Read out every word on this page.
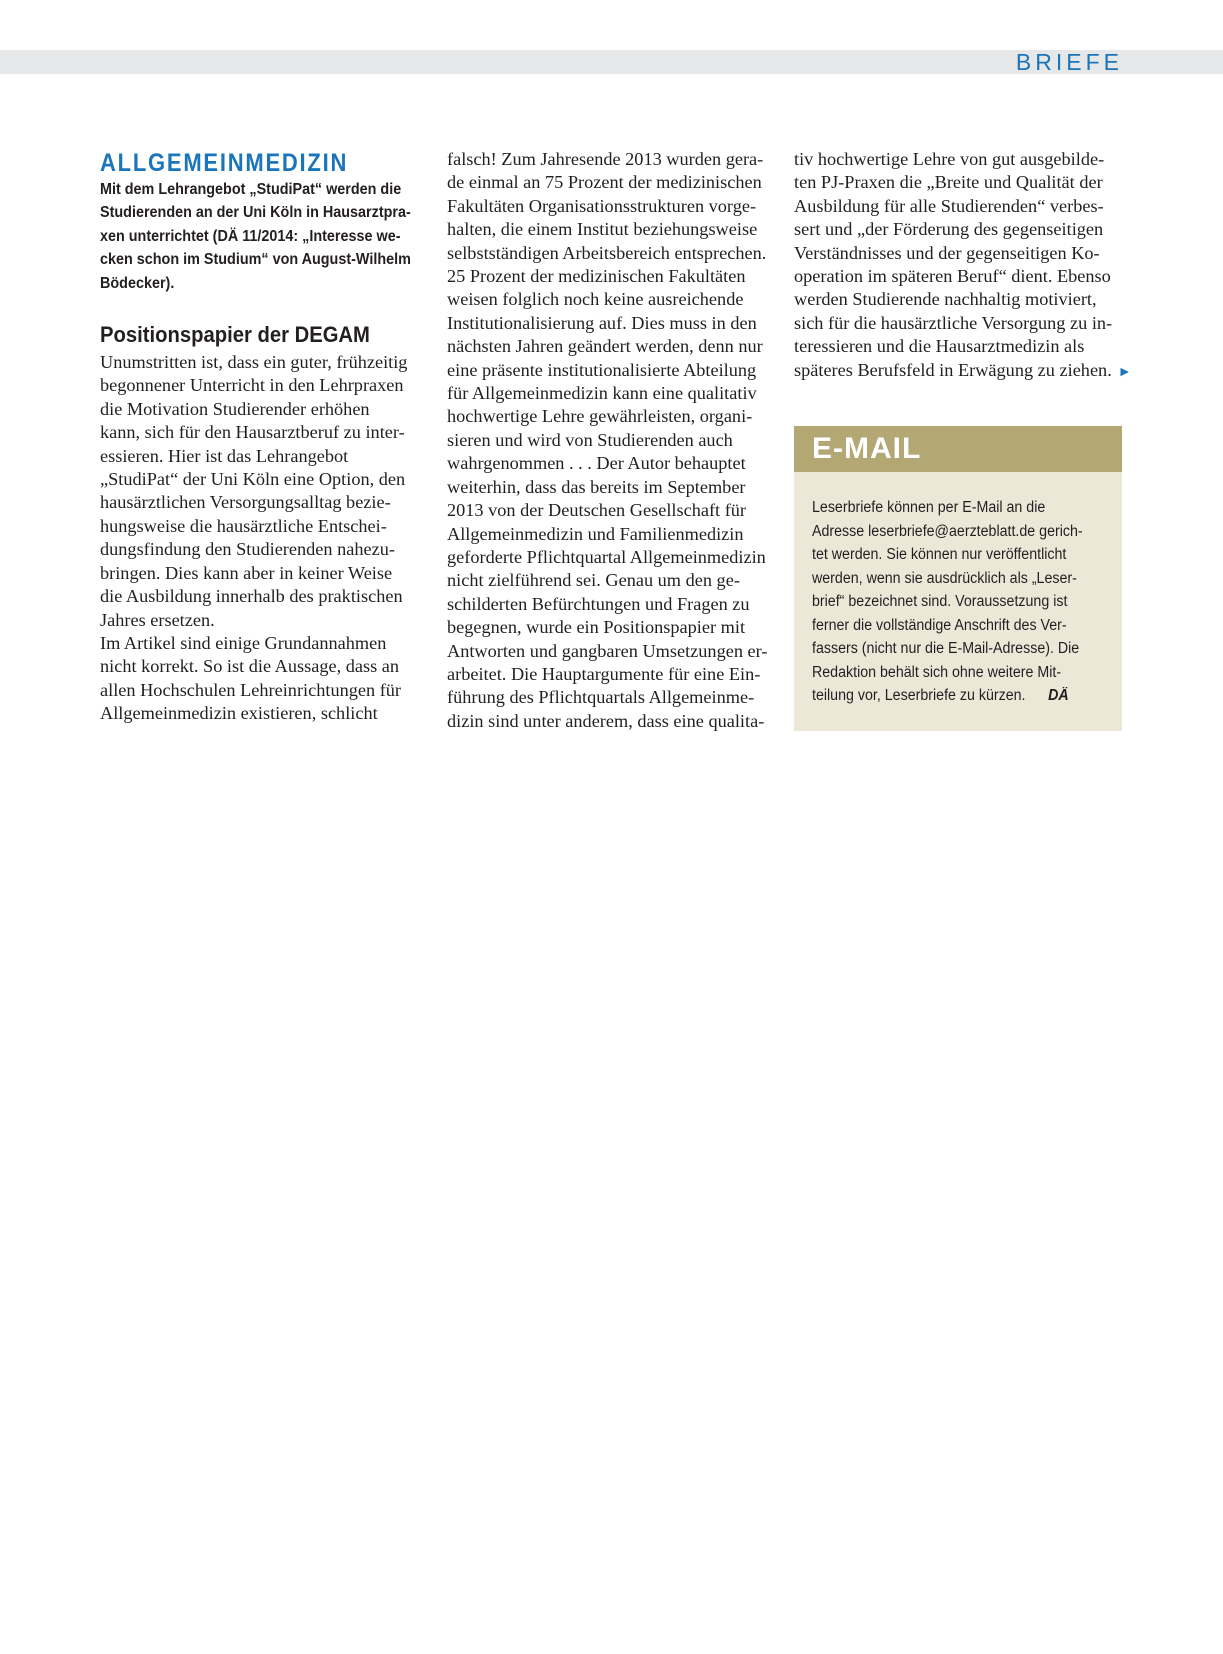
BRIEFE
ALLGEMEINMEDIZIN
Mit dem Lehrangebot „StudiPat“ werden die
Studierenden an der Uni Köln in Hausarztpra-
xen unterrichtet (DÄ 11/2014: „Interesse we-
cken schon im Studium“ von August-Wilhelm
Bödecker).
Positionspapier der DEGAM
Unumstritten ist, dass ein guter, frühzeitig
begonnener Unterricht in den Lehrpraxen
die Motivation Studierender erhöhen
kann, sich für den Hausarztberuf zu inter-
essieren. Hier ist das Lehrangebot
„StudiPat“ der Uni Köln eine Option, den
hausärztlichen Versorgungsalltag bezie-
hungsweise die hausärztliche Entschei-
dungsfindung den Studierenden nahezu-
bringen. Dies kann aber in keiner Weise
die Ausbildung innerhalb des praktischen
Jahres ersetzen.
Im Artikel sind einige Grundannahmen
nicht korrekt. So ist die Aussage, dass an
allen Hochschulen Lehreinrichtungen für
Allgemeinmedizin existieren, schlicht
falsch! Zum Jahresende 2013 wurden gera-
de einmal an 75 Prozent der medizinischen
Fakultäten Organisationsstrukturen vorge-
halten, die einem Institut beziehungsweise
selbstständigen Arbeitsbereich entsprechen.
25 Prozent der medizinischen Fakultäten
weisen folglich noch keine ausreichende
Institutionalisierung auf. Dies muss in den
nächsten Jahren geändert werden, denn nur
eine präsente institutionalisierte Abteilung
für Allgemeinmedizin kann eine qualitativ
hochwertige Lehre gewährleisten, organi-
sieren und wird von Studierenden auch
wahrgenommen . . . Der Autor behauptet
weiterhin, dass das bereits im September
2013 von der Deutschen Gesellschaft für
Allgemeinmedizin und Familienmedizin
geforderte Pflichtquartal Allgemeinmedizin
nicht zielführend sei. Genau um den ge-
schilderten Befürchtungen und Fragen zu
begegnen, wurde ein Positionspapier mit
Antworten und gangbaren Umsetzungen er-
arbeitet. Die Hauptargumente für eine Ein-
führung des Pflichtquartals Allgemeinme-
dizin sind unter anderem, dass eine qualita-
tiv hochwertige Lehre von gut ausgebilde-
ten PJ-Praxen die „Breite und Qualität der
Ausbildung für alle Studierenden“ verbes-
sert und „der Förderung des gegenseitigen
Verständnisses und der gegenseitigen Ko-
operation im späteren Beruf“ dient. Ebenso
werden Studierende nachhaltig motiviert,
sich für die hausärztliche Versorgung zu in-
teressieren und die Hausarztmedizin als
späteres Berufsfeld in Erwägung zu ziehen. ►
E-MAIL
Leserbriefe können per E-Mail an die
Adresse leserbriefe@aerzteblatt.de gerich-
tet werden. Sie können nur veröffentlicht
werden, wenn sie ausdrücklich als „Leser-
brief“ bezeichnet sind. Voraussetzung ist
ferner die vollständige Anschrift des Ver-
fassers (nicht nur die E-Mail-Adresse). Die
Redaktion behält sich ohne weitere Mit-
teilung vor, Leserbriefe zu kürzen. DÄ
